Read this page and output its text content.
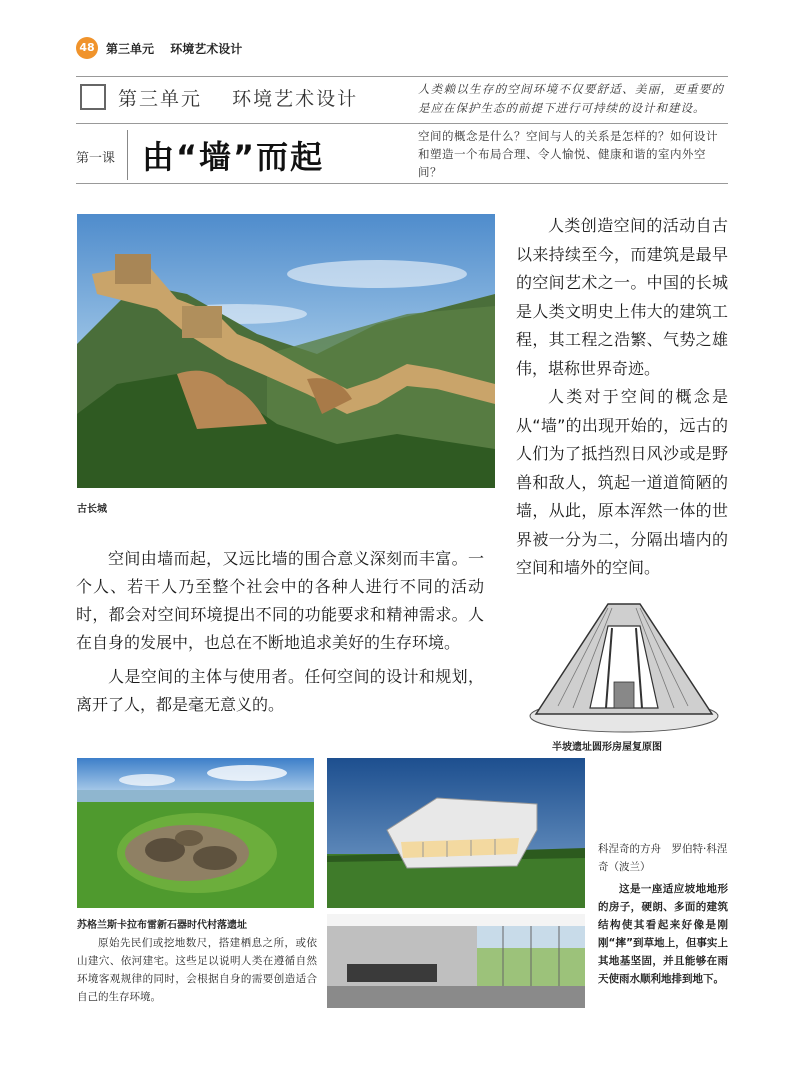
48 第三单元 环境艺术设计
第三单元 环境艺术设计	人类赖以生存的空间环境不仅要舒适、美丽，更重要的是应在保护生态的前提下进行可持续的设计和建设。
第一课 由“墙”而起
空间的概念是什么？空间与人的关系是怎样的？如何设计和塑造一个布局合理、令人愉悦、健康和谐的室内外空间？
古长城

人类创造空间的活动自古以来持续至今，而建筑是最早的空间艺术之一。中国的长城是人类文明史上伟大的建筑工程，其工程之浩繁、气势之雄伟，堪称世界奇迹。

人类对于空间的概念是从“墙”的出现开始的，远古的人们为了抵挡烈日风沙或是野兽和敌人，筑起一道道简陋的墙，从此，原本浑然一体的世界被一分为二，分隔出墙内的空间和墙外的空间。

空间由墙而起，又远比墙的围合意义深刻而丰富。一个人、若干人乃至整个社会中的各种人进行不同的活动时，都会对空间环境提出不同的功能要求和精神需求。人在自身的发展中，也总在不断地追求美好的生存环境。

人是空间的主体与使用者。任何空间的设计和规划，离开了人，都是毫无意义的。

半坡遗址圆形房屋复原图
苏格兰斯卡拉布雷新石器时代村落遗址

原始先民们或挖地数尺，搭建栖息之所，或依山建穴、依河建宅。这些足以说明人类在遵循自然环境客观规律的同时，会根据自身的需要创造适合自己的生存环境。

科涅奇的方舟　罗伯特·科涅奇（波兰）

这是一座适应坡地地形的房子，硬朗、多面的建筑结构使其看起来好像是刚刚“摔”到草地上，但事实上其地基坚固，并且能够在雨天使雨水顺利地排到地下。
